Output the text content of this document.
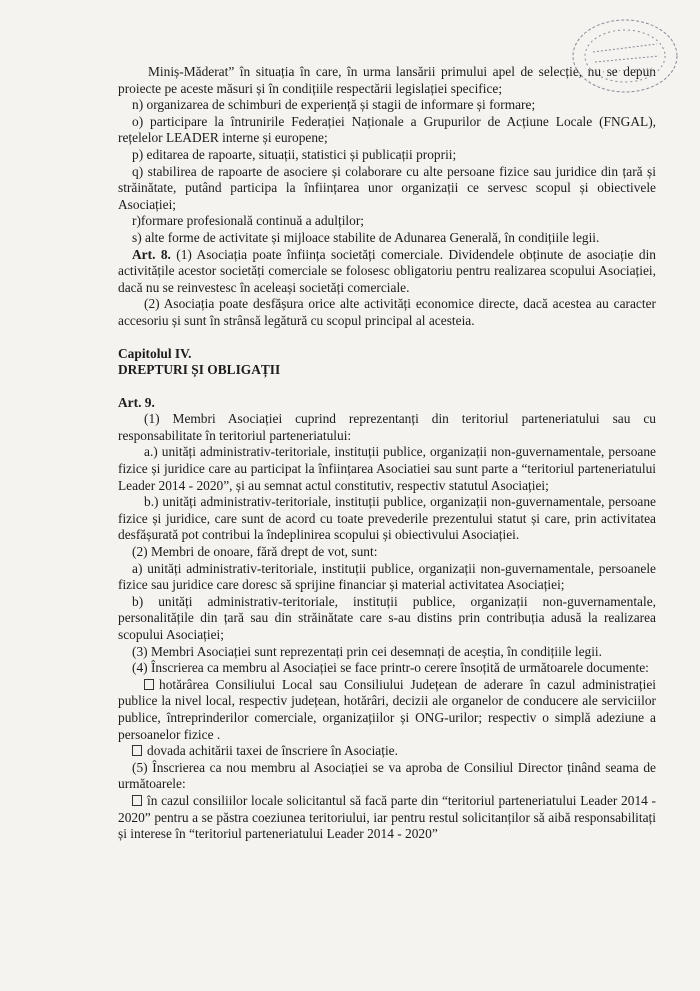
Miniș-Măderat” în situația în care, în urma lansării primului apel de selecție, nu se depun proiecte pe aceste măsuri și în condițiile respectării legislației specifice;

n) organizarea de schimburi de experiență și stagii de informare și formare;

o) participare la întrunirile Federației Naționale a Grupurilor de Acțiune Locale (FNGAL), rețelelor LEADER interne și europene;

p) editarea de rapoarte, situații, statistici și publicații proprii;

q) stabilirea de rapoarte de asociere și colaborare cu alte persoane fizice sau juridice din țară și străinătate, putând participa la înființarea unor organizații ce servesc scopul și obiectivele Asociației;

r)formare profesională continuă a adulților;

s) alte forme de activitate și mijloace stabilite de Adunarea Generală, în condițiile legii.

Art. 8. (1) Asociația poate înființa societăți comerciale. Dividendele obținute de asociație din activitățile acestor societăți comerciale se folosesc obligatoriu pentru realizarea scopului Asociației, dacă nu se reinvestesc în aceleași societăți comerciale.

(2) Asociația poate desfășura orice alte activități economice directe, dacă acestea au caracter accesoriu și sunt în strânsă legătură cu scopul principal al acesteia.

Capitolul IV.
DREPTURI ȘI OBLIGAȚII
Art. 9.

(1) Membri Asociației cuprind reprezentanți din teritoriul parteneriatului sau cu responsabilitate în teritoriul parteneriatului:

a.) unități administrativ-teritoriale, instituții publice, organizații non-guvernamentale, persoane fizice și juridice care au participat la înființarea Asociatiei sau sunt parte a “teritoriul parteneriatului Leader 2014 - 2020”, și au semnat actul constitutiv, respectiv statutul Asociației;

b.) unități administrativ-teritoriale, instituții publice, organizații non-guvernamentale, persoane fizice și juridice, care sunt de acord cu toate prevederile prezentului statut și care, prin activitatea desfășurată pot contribui la îndeplinirea scopului și obiectivului Asociației.

(2) Membri de onoare, fără drept de vot, sunt:

a) unități administrativ-teritoriale, instituții publice, organizații non-guvernamentale, persoanele fizice sau juridice care doresc să sprijine financiar și material activitatea Asociației;

b) unități administrativ-teritoriale, instituții publice, organizații non-guvernamentale, personalitățile din țară sau din străinătate care s-au distins prin contribuția adusă la realizarea scopului Asociației;

(3) Membri Asociației sunt reprezentați prin cei desemnați de aceștia, în condițiile legii.

(4) Înscrierea ca membru al Asociației se face printr-o cerere însoțită de următoarele documente:

hotărârea Consiliului Local sau Consiliului Județean de aderare în cazul administrației publice la nivel local, respectiv județean, hotărâri, decizii ale organelor de conducere ale serviciilor publice, întreprinderilor comerciale, organizațiilor și ONG-urilor; respectiv o simplă adeziune a persoanelor fizice .

dovada achitării taxei de înscriere în Asociație.

(5) Înscrierea ca nou membru al Asociației se va aproba de Consiliul Director ținând seama de următoarele:

în cazul consiliilor locale solicitantul să facă parte din “teritoriul parteneriatului Leader 2014 - 2020” pentru a se păstra coeziunea teritoriului, iar pentru restul solicitanților să aibă responsabilitați și interese în “teritoriul parteneriatului Leader 2014 - 2020”
